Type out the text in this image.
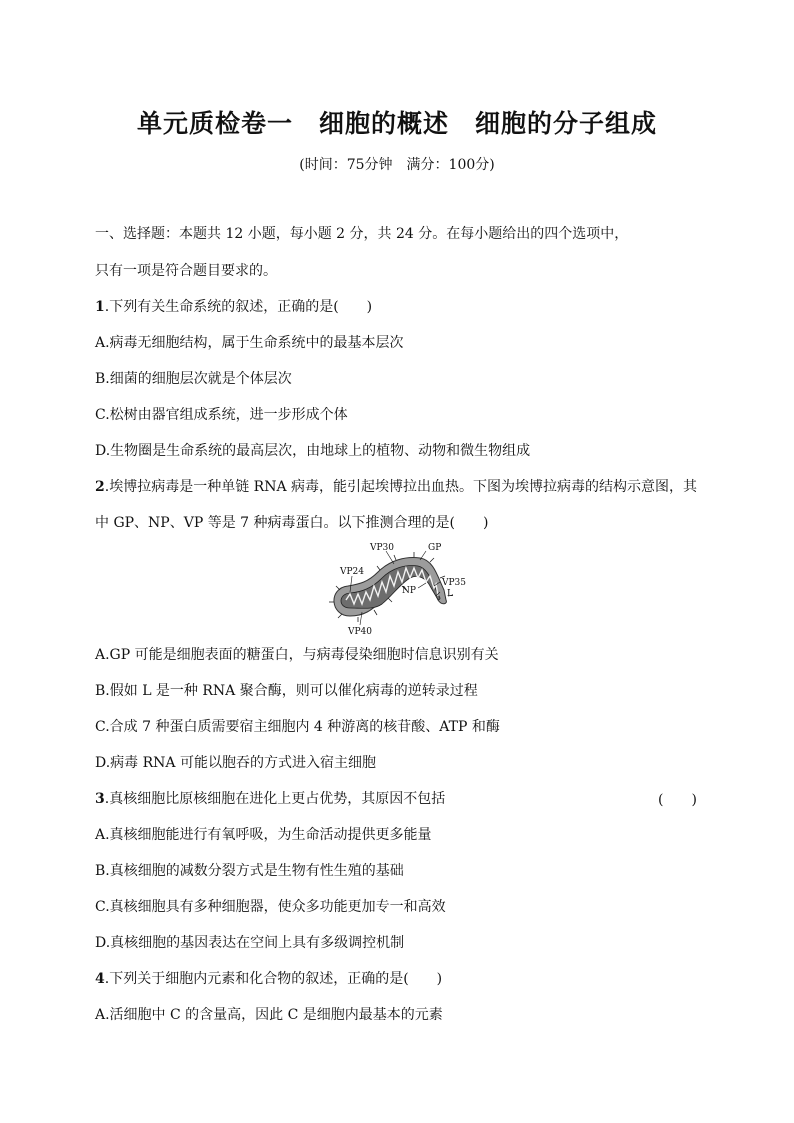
单元质检卷一 细胞的概述 细胞的分子组成
(时间：75分钟　满分：100分)
一、选择题：本题共 12 小题，每小题 2 分，共 24 分。在每小题给出的四个选项中，
只有一项是符合题目要求的。
1.下列有关生命系统的叙述，正确的是(　　)
A.病毒无细胞结构，属于生命系统中的最基本层次
B.细菌的细胞层次就是个体层次
C.松树由器官组成系统，进一步形成个体
D.生物圈是生命系统的最高层次，由地球上的植物、动物和微生物组成
2.埃博拉病毒是一种单链 RNA 病毒，能引起埃博拉出血热。下图为埃博拉病毒的结构示意图，其
中 GP、NP、VP 等是 7 种病毒蛋白。以下推测合理的是(　　)
VP30	GP
VP24
VP35
NP	L
VP40
A.GP 可能是细胞表面的糖蛋白，与病毒侵染细胞时信息识别有关
B.假如 L 是一种 RNA 聚合酶，则可以催化病毒的逆转录过程
C.合成 7 种蛋白质需要宿主细胞内 4 种游离的核苷酸、ATP 和酶
D.病毒 RNA 可能以胞吞的方式进入宿主细胞
3.真核细胞比原核细胞在进化上更占优势，其原因不包括	(　　)
A.真核细胞能进行有氧呼吸，为生命活动提供更多能量
B.真核细胞的减数分裂方式是生物有性生殖的基础
C.真核细胞具有多种细胞器，使众多功能更加专一和高效
D.真核细胞的基因表达在空间上具有多级调控机制
4.下列关于细胞内元素和化合物的叙述，正确的是(　　)
A.活细胞中 C 的含量高，因此 C 是细胞内最基本的元素
